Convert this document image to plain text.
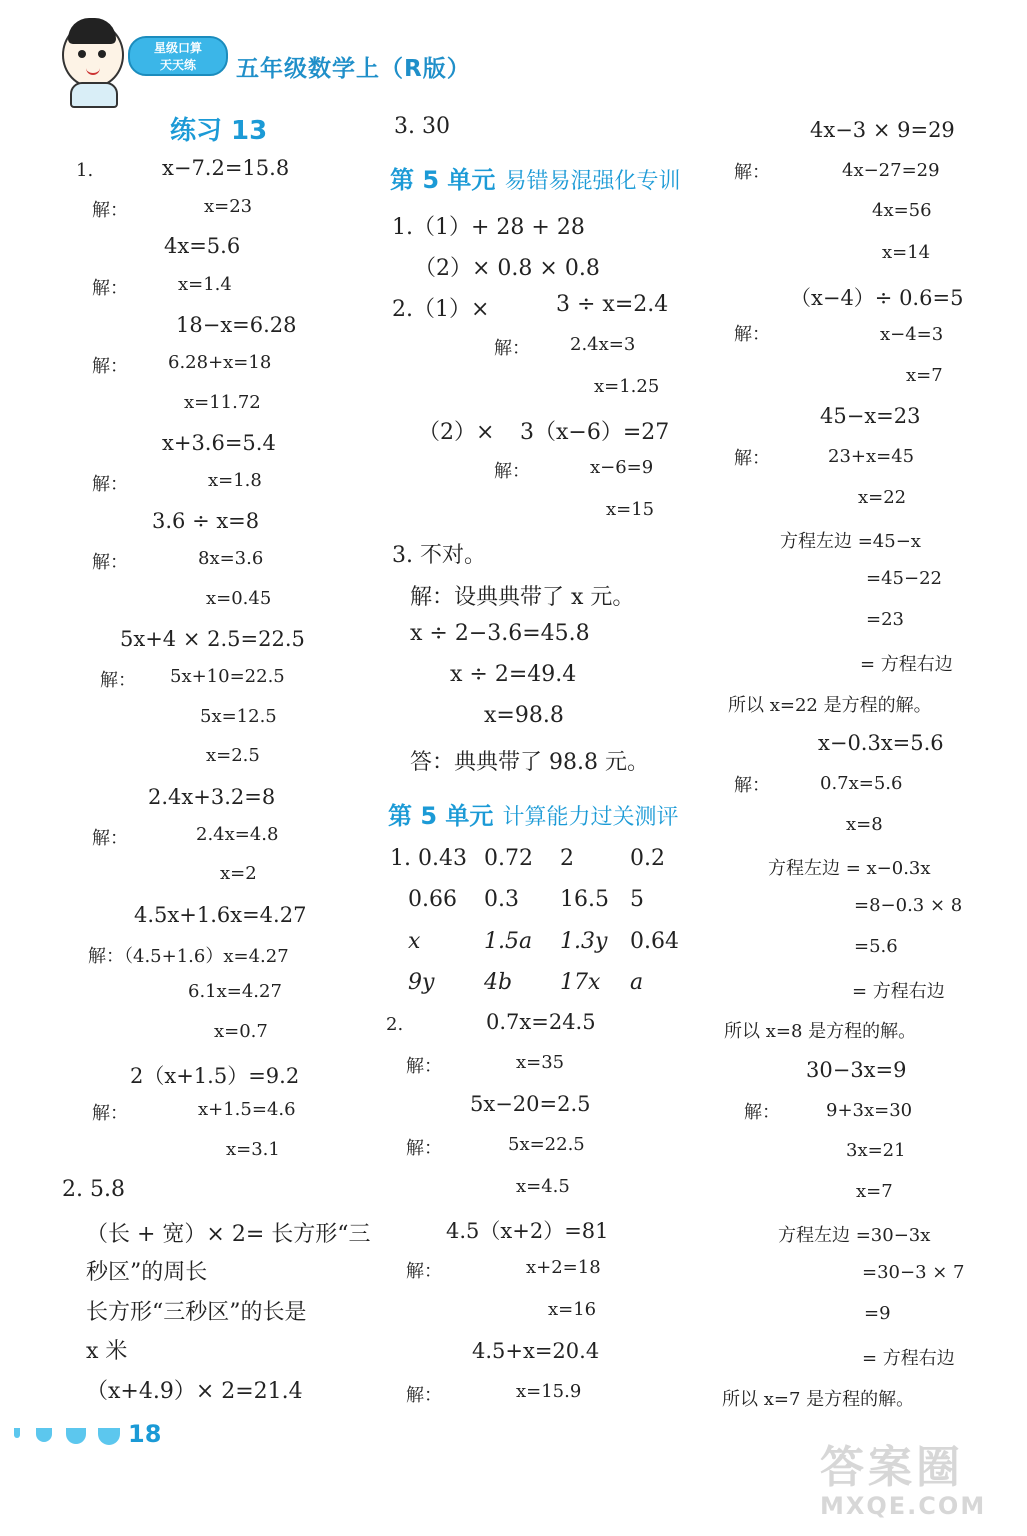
星级口算
天天练	五年级数学上（R版）
练习 13
1.	x−7.2=15.8
解：	x=23
4x=5.6
解：	x=1.4
18−x=6.28
解： 6.28+x=18
x=11.72
x+3.6=5.4
解：	x=1.8
3.6 ÷ x=8
解：	8x=3.6
x=0.45
5x+4 × 2.5=22.5
解： 5x+10=22.5
5x=12.5
x=2.5
2.4x+3.2=8
解：	2.4x=4.8
x=2
4.5x+1.6x=4.27
解：（4.5+1.6）x=4.27
6.1x=4.27
x=0.7
2（x+1.5）=9.2
解：	x+1.5=4.6
x=3.1
2. 5.8
（长 + 宽）× 2= 长方形“三
秒区”的周长
长方形“三秒区”的长是
x 米
（x+4.9）× 2=21.4
3. 30
第 5 单元 易错易混强化专训
1.（1）+ 28 + 28
（2）× 0.8 × 0.8
2.（1）×	3 ÷ x=2.4
解： 2.4x=3
x=1.25
（2）× 3（x−6）=27
解：	x−6=9
x=15
3. 不对。
解：设典典带了 x 元。
x ÷ 2−3.6=45.8
x ÷ 2=49.4
x=98.8
答：典典带了 98.8 元。
第 5 单元 计算能力过关测评
1. 0.43 0.72 2	0.2
0.66 0.3 16.5 5
x	1.5a 1.3y 0.64
9y 4b 17x a
2.	0.7x=24.5
解：	x=35
5x−20=2.5
解：	5x=22.5
x=4.5
4.5（x+2）=81
解：	x+2=18
x=16
4.5+x=20.4
解：	x=15.9
4x−3 × 9=29
解：	4x−27=29
4x=56
x=14
（x−4）÷ 0.6=5
解：	x−4=3
x=7
45−x=23
解：	23+x=45
x=22
方程左边 =45−x
=45−22
=23
= 方程右边
所以 x=22 是方程的解。
x−0.3x=5.6
解：	0.7x=5.6
x=8
方程左边 = x−0.3x
=8−0.3 × 8
=5.6
= 方程右边
所以 x=8 是方程的解。
30−3x=9
解：	9+3x=30
3x=21
x=7
方程左边 =30−3x
=30−3 × 7
=9
= 方程右边
所以 x=7 是方程的解。
18
答案圈
MXQE.COM
